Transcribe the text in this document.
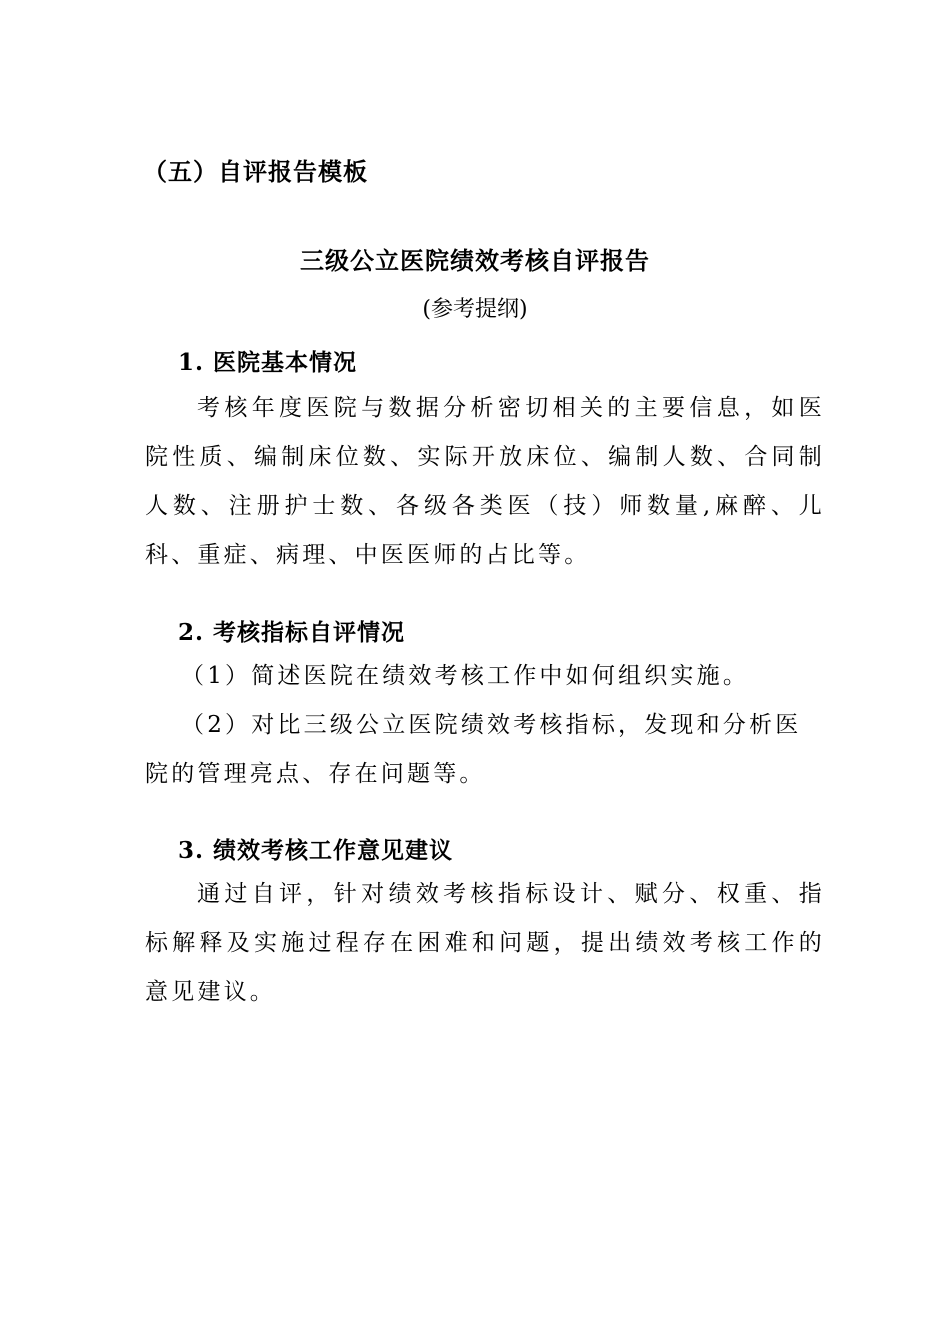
（五）自评报告模板
三级公立医院绩效考核自评报告
(参考提纲)
1. 医院基本情况
考核年度医院与数据分析密切相关的主要信息，如医院性质、编制床位数、实际开放床位、编制人数、合同制人数、注册护士数、各级各类医（技）师数量,麻醉、儿科、重症、病理、中医医师的占比等。
2. 考核指标自评情况
（1）简述医院在绩效考核工作中如何组织实施。
（2）对比三级公立医院绩效考核指标，发现和分析医院的管理亮点、存在问题等。
3. 绩效考核工作意见建议
通过自评，针对绩效考核指标设计、赋分、权重、指标解释及实施过程存在困难和问题，提出绩效考核工作的意见建议。
